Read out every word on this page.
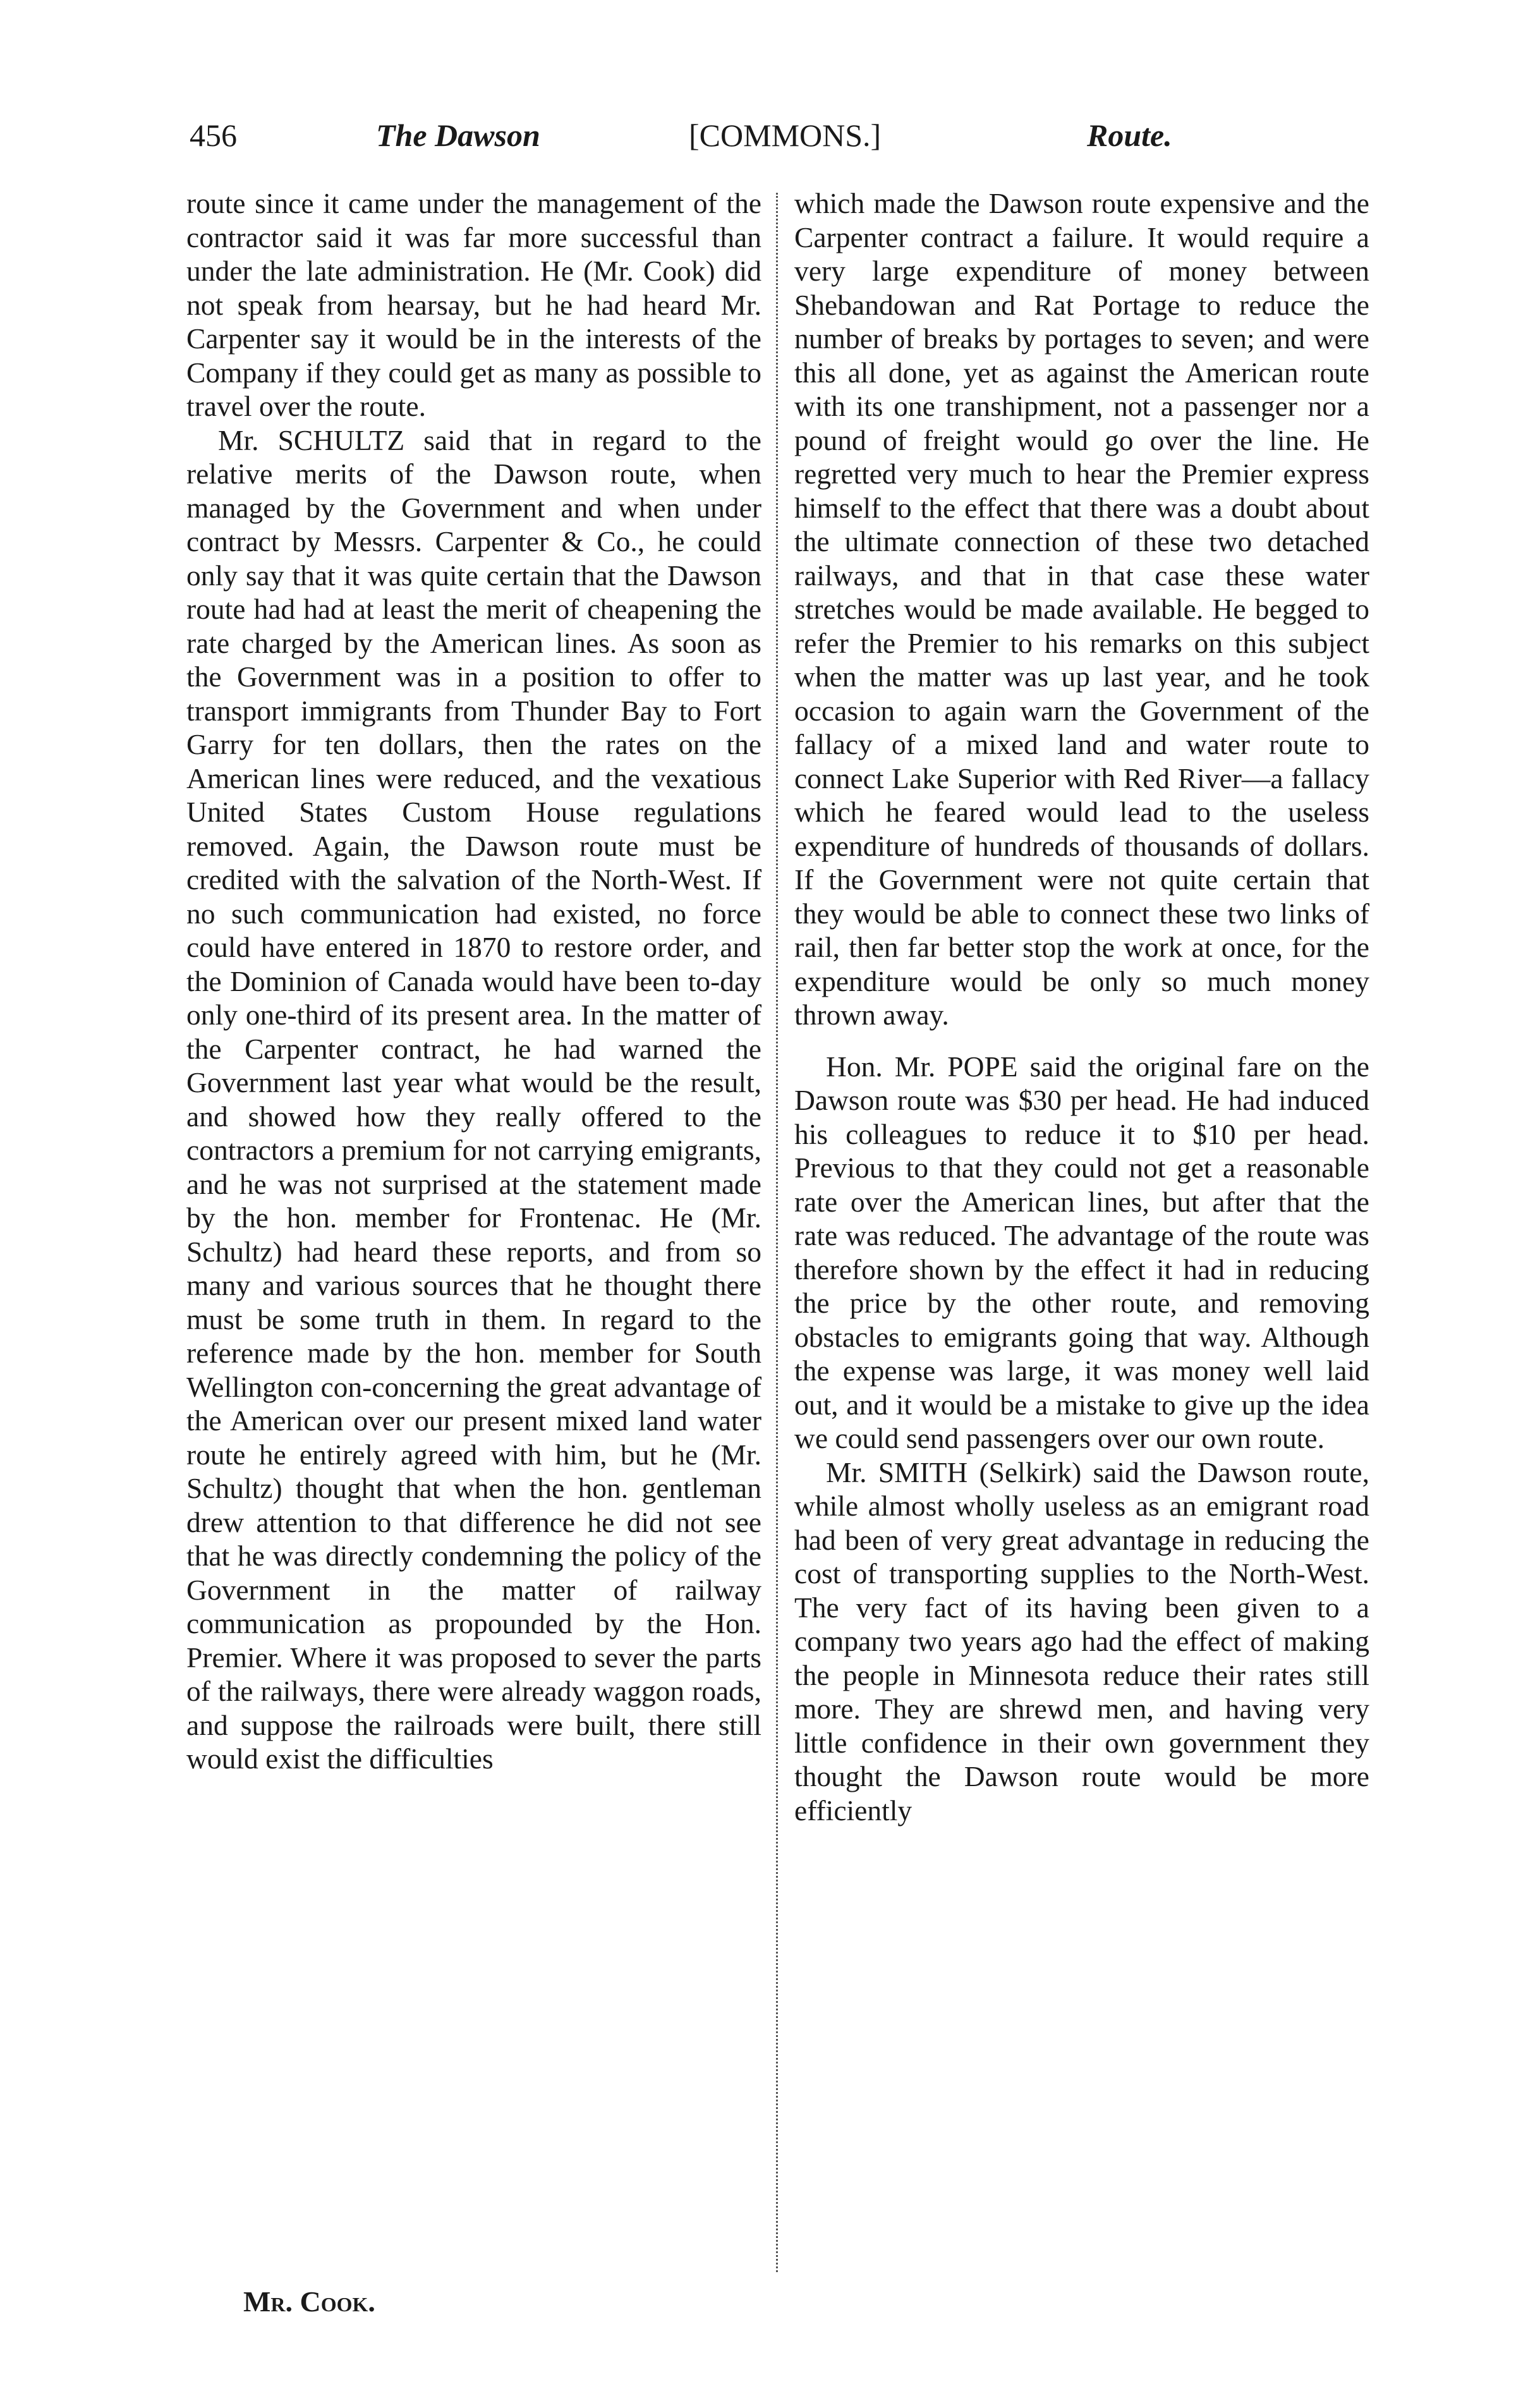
456	The Dawson	[COMMONS.]	Route.

route since it came under the management of the contractor said it was far more successful than under the late administration. He (Mr. Cook) did not speak from hearsay, but he had heard Mr. Carpenter say it would be in the interests of the Company if they could get as many as possible to travel over the route.

Mr. SCHULTZ said that in regard to the relative merits of the Dawson route, when managed by the Government and when under contract by Messrs. Carpenter & Co., he could only say that it was quite certain that the Dawson route had had at least the merit of cheapening the rate charged by the American lines. As soon as the Government was in a position to offer to transport immigrants from Thunder Bay to Fort Garry for ten dollars, then the rates on the American lines were reduced, and the vexatious United States Custom House regulations removed. Again, the Dawson route must be credited with the salvation of the North-West. If no such communication had existed, no force could have entered in 1870 to restore order, and the Dominion of Canada would have been to-day only one-third of its present area. In the matter of the Carpenter contract, he had warned the Government last year what would be the result, and showed how they really offered to the contractors a premium for not carrying emigrants, and he was not surprised at the statement made by the hon. member for Frontenac. He (Mr. Schultz) had heard these reports, and from so many and various sources that he thought there must be some truth in them. In regard to the reference made by the hon. member for South Wellington con-concerning the great advantage of the American over our present mixed land water route he entirely agreed with him, but he (Mr. Schultz) thought that when the hon. gentleman drew attention to that difference he did not see that he was directly condemning the policy of the Government in the matter of railway communication as propounded by the Hon. Premier. Where it was proposed to sever the parts of the railways, there were already waggon roads, and suppose the railroads were built, there still would exist the difficulties

which made the Dawson route expensive and the Carpenter contract a failure. It would require a very large expenditure of money between Shebandowan and Rat Portage to reduce the number of breaks by portages to seven; and were this all done, yet as against the American route with its one transhipment, not a passenger nor a pound of freight would go over the line. He regretted very much to hear the Premier express himself to the effect that there was a doubt about the ultimate connection of these two detached railways, and that in that case these water stretches would be made available. He begged to refer the Premier to his remarks on this subject when the matter was up last year, and he took occasion to again warn the Government of the fallacy of a mixed land and water route to connect Lake Superior with Red River—a fallacy which he feared would lead to the useless expenditure of hundreds of thousands of dollars. If the Government were not quite certain that they would be able to connect these two links of rail, then far better stop the work at once, for the expenditure would be only so much money thrown away.

Hon. Mr. POPE said the original fare on the Dawson route was $30 per head. He had induced his colleagues to reduce it to $10 per head. Previous to that they could not get a reasonable rate over the American lines, but after that the rate was reduced. The advantage of the route was therefore shown by the effect it had in reducing the price by the other route, and removing obstacles to emigrants going that way. Although the expense was large, it was money well laid out, and it would be a mistake to give up the idea we could send passengers over our own route.

Mr. SMITH (Selkirk) said the Dawson route, while almost wholly useless as an emigrant road had been of very great advantage in reducing the cost of transporting supplies to the North-West. The very fact of its having been given to a company two years ago had the effect of making the people in Minnesota reduce their rates still more. They are shrewd men, and having very little confidence in their own government they thought the Dawson route would be more efficiently

Mr. Cook.
